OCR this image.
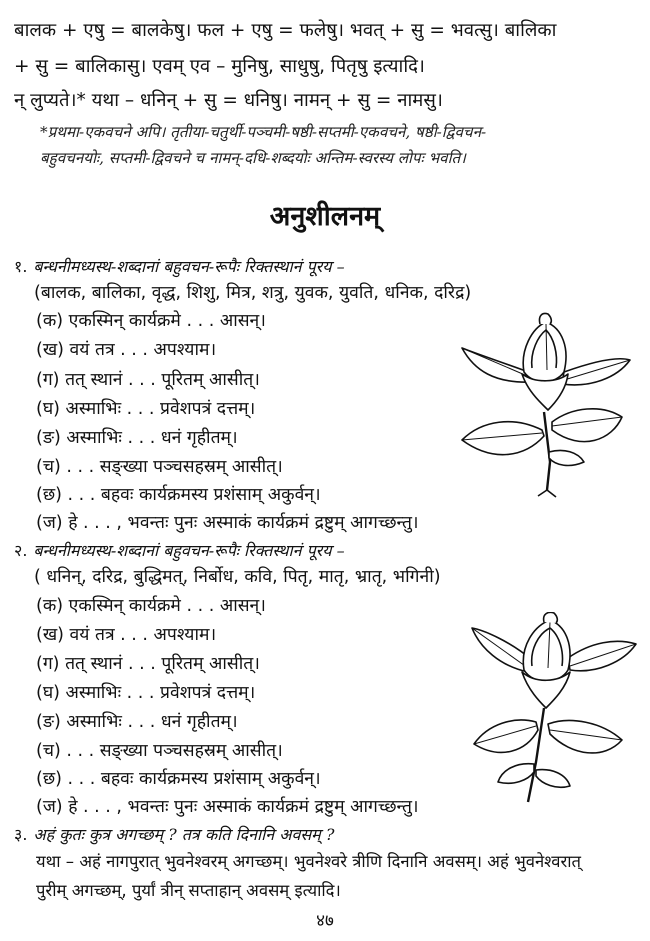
बालक + एषु = बालकेषु। फल + एषु = फलेषु। भवत् + सु = भवत्सु। बालिका
+ सु = बालिकासु। एवम् एव – मुनिषु, साधुषु, पितृषु इत्यादि।
न् लुप्यते।* यथा – धनिन् + सु = धनिषु। नामन् + सु = नामसु।
*प्रथमा-एकवचने अपि। तृतीया-चतुर्थी-पञ्चमी-षष्ठी-सप्तमी-एकवचने, षष्ठी-द्विवचन-
बहुवचनयोः, सप्तमी-द्विवचने च नामन्-दधि-शब्दयोः अन्तिम-स्वरस्य लोपः भवति।
अनुशीलनम्
१. बन्धनीमध्यस्थ-शब्दानां बहुवचन-रूपैः रिक्तस्थानं पूरय –
(बालक, बालिका, वृद्ध, शिशु, मित्र, शत्रु, युवक, युवति, धनिक, दरिद्र)
(क) एकस्मिन् कार्यक्रमे . . . आसन्।
(ख) वयं तत्र . . . अपश्याम।
(ग) तत् स्थानं . . . पूरितम् आसीत्।
(घ) अस्माभिः . . . प्रवेशपत्रं दत्तम्।
(ङ) अस्माभिः . . . धनं गृहीतम्।
(च) . . . सङ्ख्या पञ्चसहस्रम् आसीत्।
(छ) . . . बहवः कार्यक्रमस्य प्रशंसाम् अकुर्वन्।
(ज) हे . . . , भवन्तः पुनः अस्माकं कार्यक्रमं द्रष्टुम् आगच्छन्तु।
२. बन्धनीमध्यस्थ-शब्दानां बहुवचन-रूपैः रिक्तस्थानं पूरय –
( धनिन्, दरिद्र, बुद्धिमत्, निर्बोध, कवि, पितृ, मातृ, भ्रातृ, भगिनी)
(क) एकस्मिन् कार्यक्रमे . . . आसन्।
(ख) वयं तत्र . . . अपश्याम।
(ग) तत् स्थानं . . . पूरितम् आसीत्।
(घ) अस्माभिः . . . प्रवेशपत्रं दत्तम्।
(ङ) अस्माभिः . . . धनं गृहीतम्।
(च) . . . सङ्ख्या पञ्चसहस्रम् आसीत्।
(छ) . . . बहवः कार्यक्रमस्य प्रशंसाम् अकुर्वन्।
(ज) हे . . . , भवन्तः पुनः अस्माकं कार्यक्रमं द्रष्टुम् आगच्छन्तु।
३. अहं कुतः कुत्र अगच्छम् ? तत्र कति दिनानि अवसम् ?
यथा – अहं नागपुरात् भुवनेश्वरम् अगच्छम्। भुवनेश्वरे त्रीणि दिनानि अवसम्। अहं भुवनेश्वरात्
पुरीम् अगच्छम्, पुर्यां त्रीन् सप्ताहान् अवसम् इत्यादि।
४७
